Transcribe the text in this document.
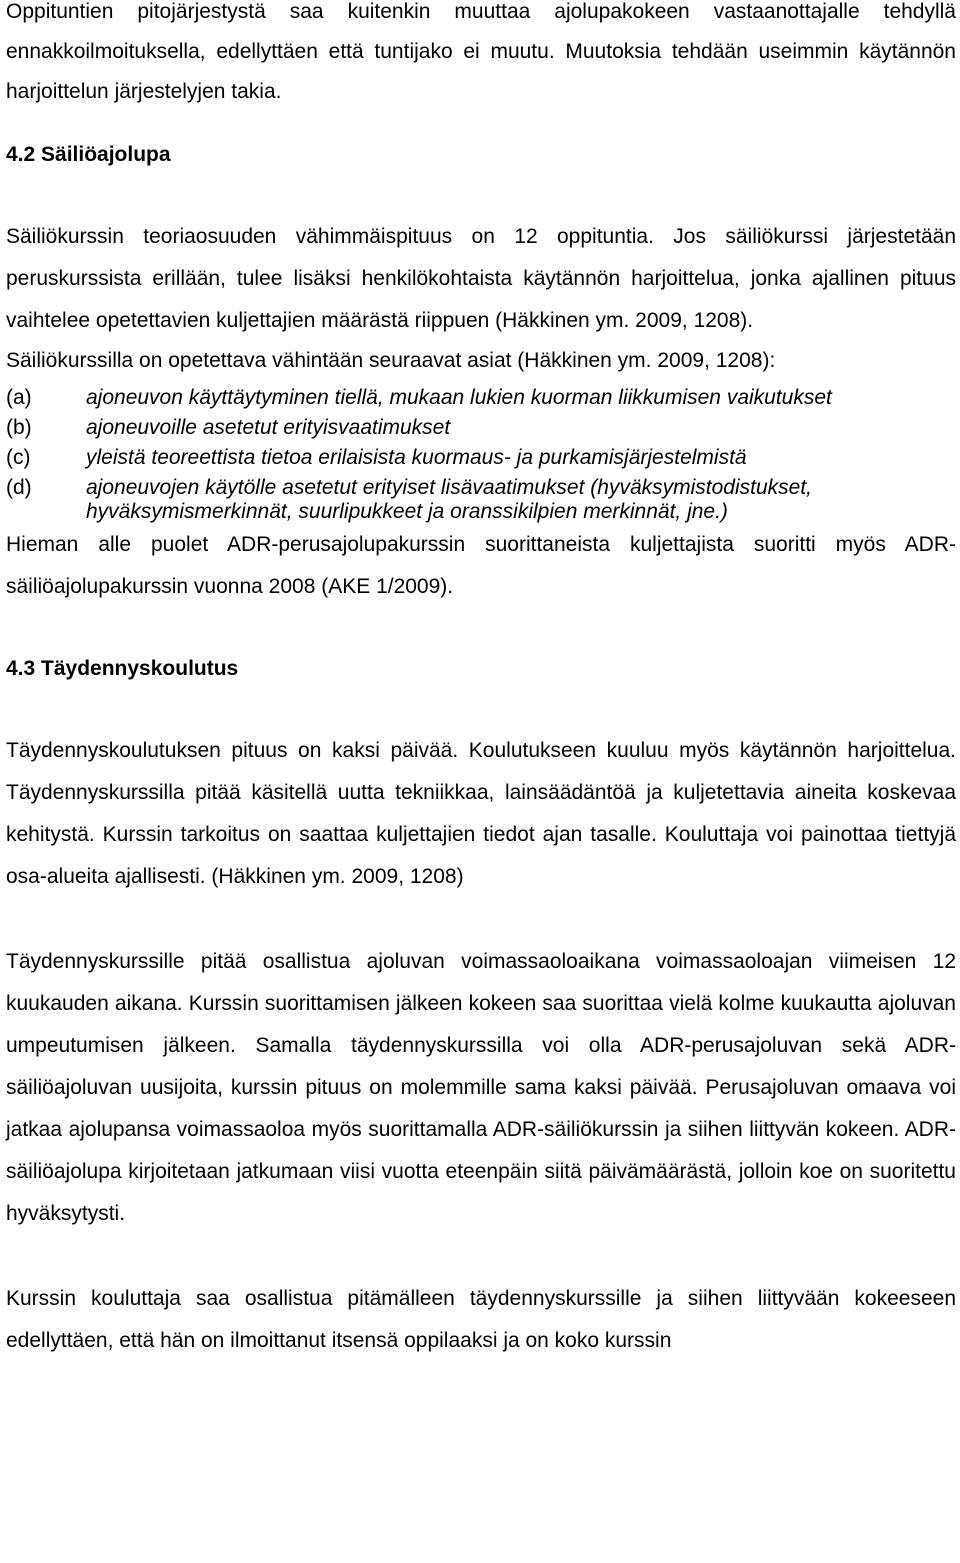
Oppituntien pitojärjestystä saa kuitenkin muuttaa ajolupakokeen vastaanottajalle tehdyllä ennakkoilmoituksella, edellyttäen että tuntijako ei muutu. Muutoksia tehdään useimmin käytännön harjoittelun järjestelyjen takia.

4.2 Säiliöajolupa

Säiliökurssin teoriaosuuden vähimmäispituus on 12 oppituntia. Jos säiliökurssi järjestetään peruskurssista erillään, tulee lisäksi henkilökohtaista käytännön harjoittelua, jonka ajallinen pituus vaihtelee opetettavien kuljettajien määrästä riippuen (Häkkinen ym. 2009, 1208).

Säiliökurssilla on opetettava vähintään seuraavat asiat (Häkkinen ym. 2009, 1208):

(a)	ajoneuvon käyttäytyminen tiellä, mukaan lukien kuorman liikkumisen vaikutukset
(b)	ajoneuvoille asetetut erityisvaatimukset
(c)	yleistä teoreettista tietoa erilaisista kuormaus- ja purkamisjärjestelmistä
(d)	ajoneuvojen käytölle asetetut erityiset lisävaatimukset (hyväksymistodistukset, hyväksymismerkinnät, suurlipukkeet ja oranssikilpien merkinnät, jne.)

Hieman alle puolet ADR-perusajolupakurssin suorittaneista kuljettajista suoritti myös ADR-säiliöajolupakurssin vuonna 2008 (AKE 1/2009).

4.3 Täydennyskoulutus

Täydennyskoulutuksen pituus on kaksi päivää. Koulutukseen kuuluu myös käytännön harjoittelua. Täydennyskurssilla pitää käsitellä uutta tekniikkaa, lainsäädäntöä ja kuljetettavia aineita koskevaa kehitystä. Kurssin tarkoitus on saattaa kuljettajien tiedot ajan tasalle. Kouluttaja voi painottaa tiettyjä osa-alueita ajallisesti. (Häkkinen ym. 2009, 1208)

Täydennyskurssille pitää osallistua ajoluvan voimassaoloaikana voimassaoloajan viimeisen 12 kuukauden aikana. Kurssin suorittamisen jälkeen kokeen saa suorittaa vielä kolme kuukautta ajoluvan umpeutumisen jälkeen. Samalla täydennyskurssilla voi olla ADR-perusajoluvan sekä ADR-säiliöajoluvan uusijoita, kurssin pituus on molemmille sama kaksi päivää. Perusajoluvan omaava voi jatkaa ajolupansa voimassaoloa myös suorittamalla ADR-säiliökurssin ja siihen liittyvän kokeen. ADR-säiliöajolupa kirjoitetaan jatkumaan viisi vuotta eteenpäin siitä päivämäärästä, jolloin koe on suoritettu hyväksytysti.

Kurssin kouluttaja saa osallistua pitämälleen täydennyskurssille ja siihen liittyvään kokeeseen edellyttäen, että hän on ilmoittanut itsensä oppilaaksi ja on koko kurssin
